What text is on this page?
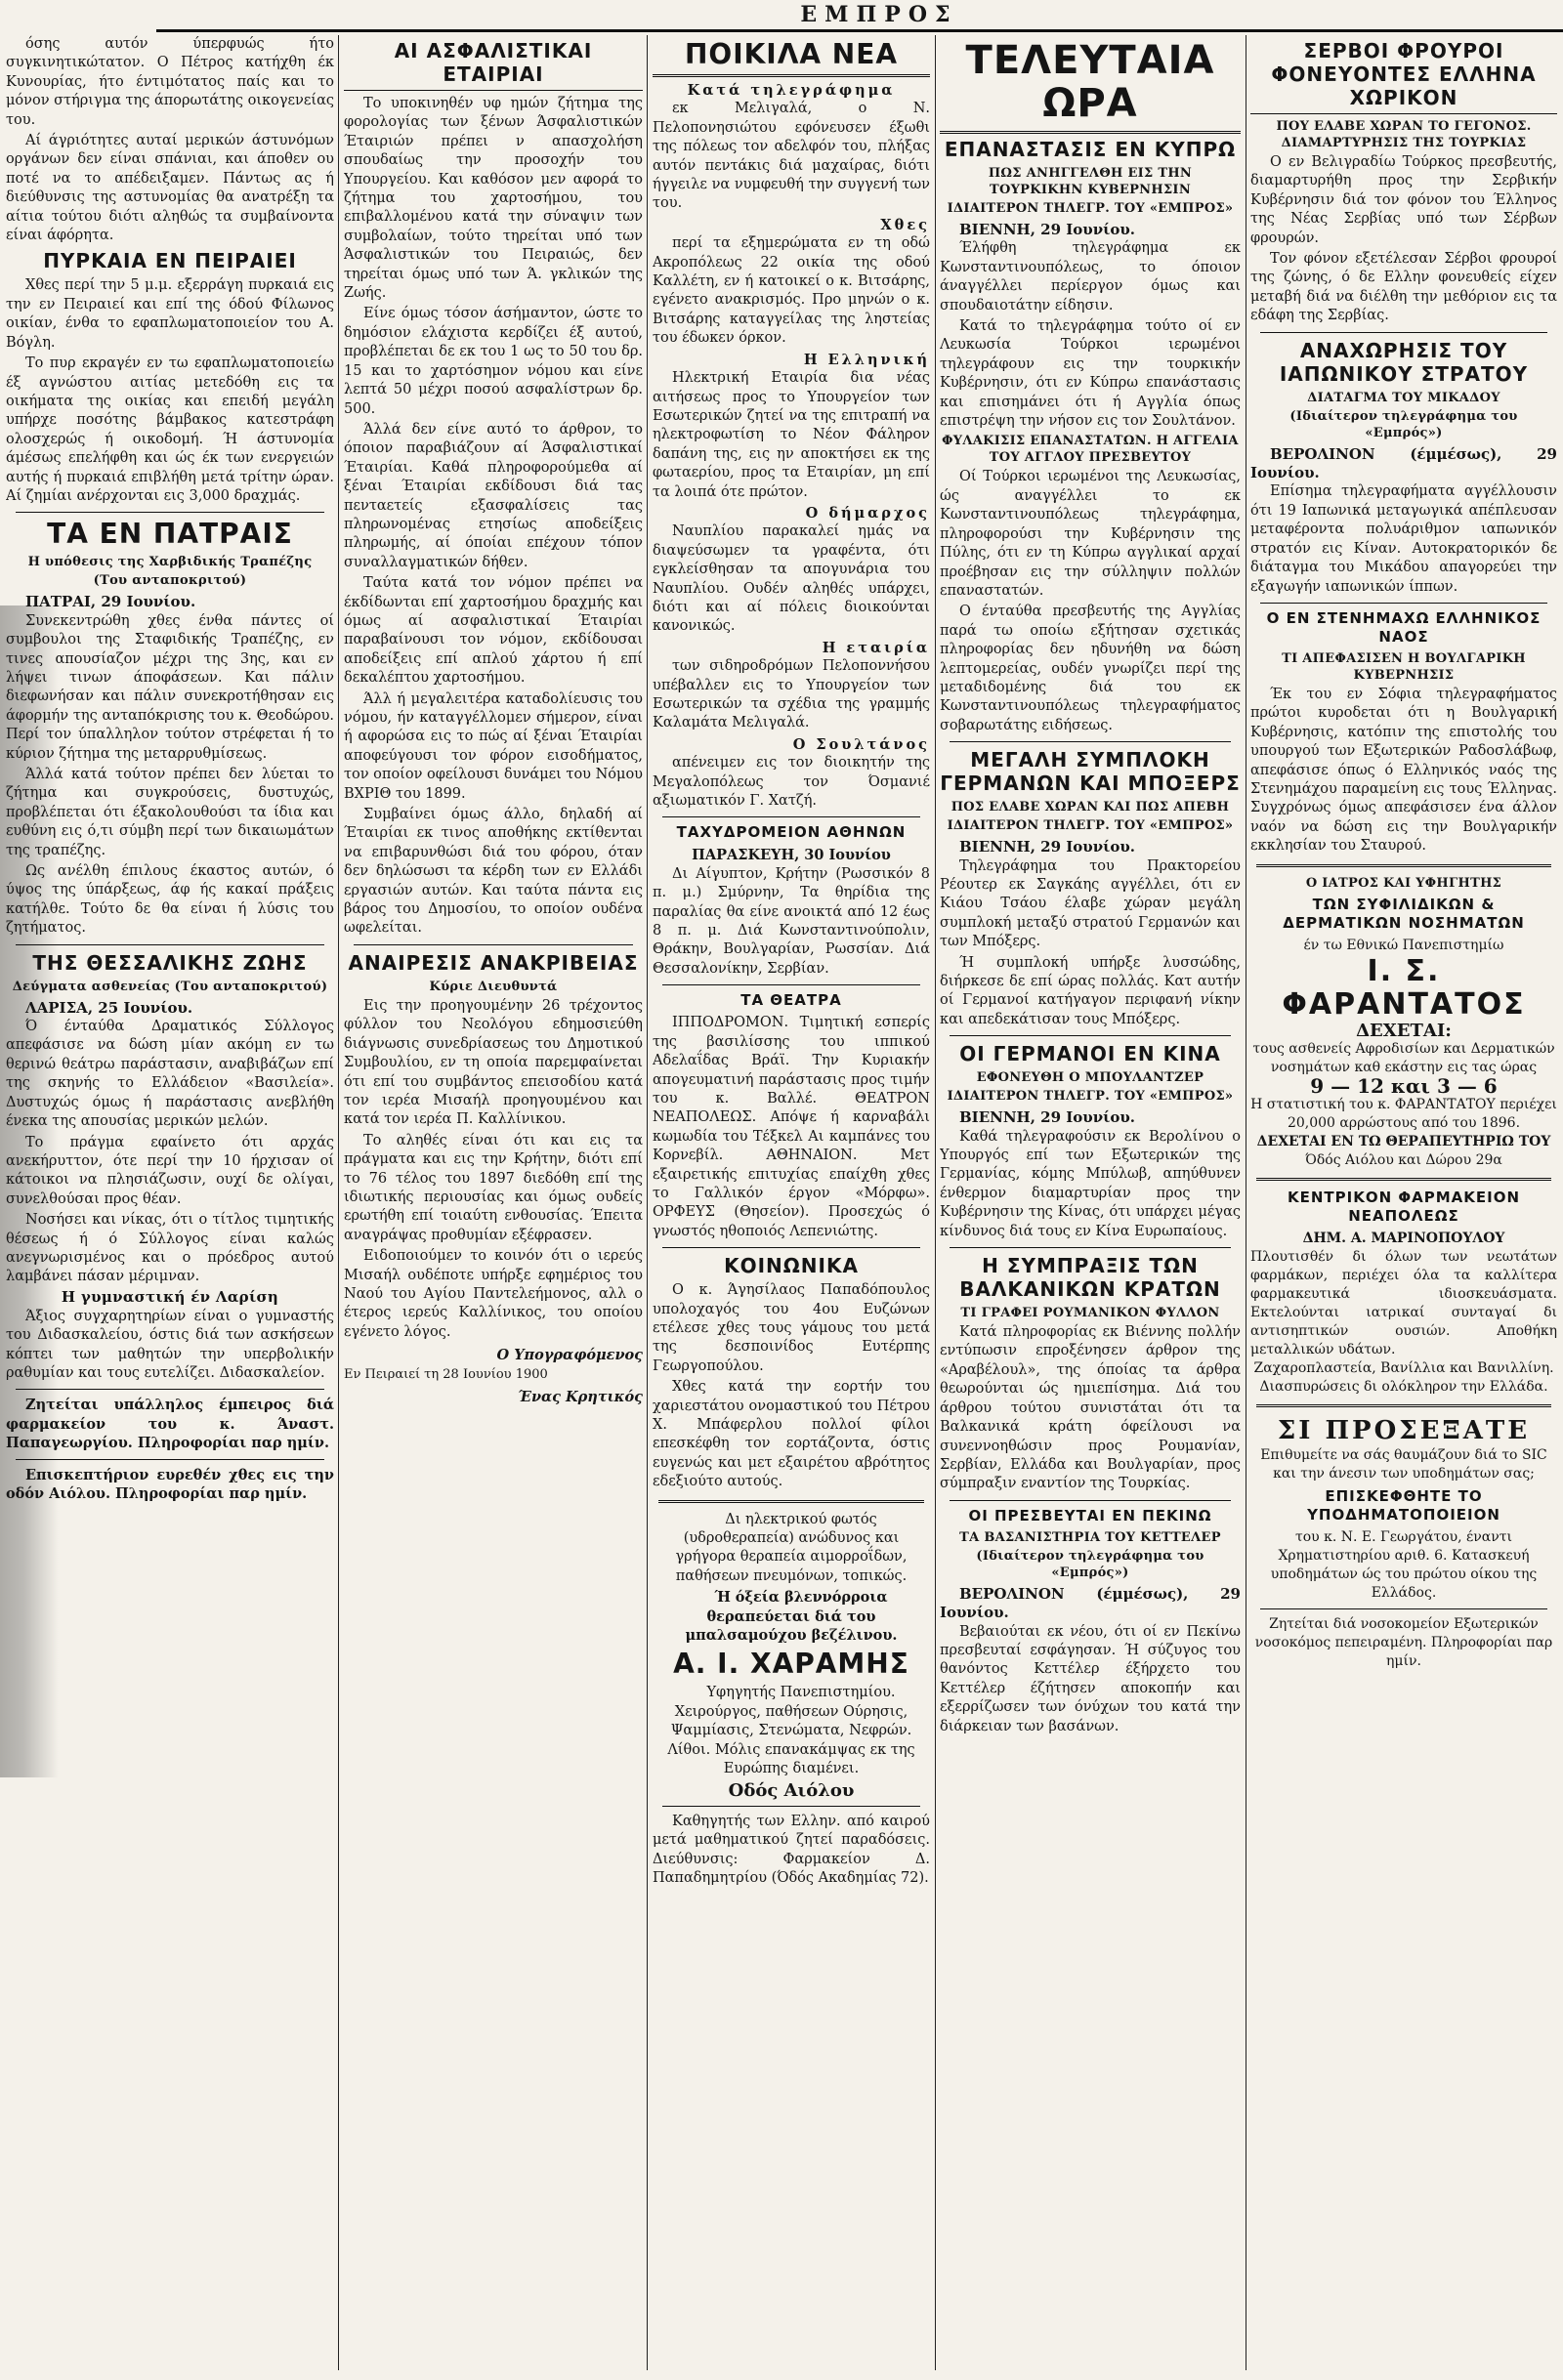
ΕΜΠΡΟΣ

όσης αυτόν ύπερφυώς ήτο συγκινητικώτατον. Ο Πέτρος κατήχθη έκ Κυνουρίας, ήτο έντιμότατος παίς και το μόνον στήριγμα της άπορωτάτης οικογενείας του.

Αί άγριότητες αυταί μερικών άστυνόμων οργάνων δεν είναι σπάνιαι, και άποθεν ου ποτέ να το απέδειξαμεν. Πάντως ας ή διεύθυνσις της αστυνομίας θα ανατρέξη τα αίτια τούτου διότι αληθώς τα συμβαίνοντα είναι άφόρητα.

ΠΥΡΚΑΙΑ ΕΝ ΠΕΙΡΑΙΕΙ

Χθες περί την 5 μ.μ. εξερράγη πυρκαιά εις την εν Πειραιεί και επί της όδού Φίλωνος οικίαν, ένθα το εφαπλωματοποιείον του Α. Βόγλη.

Το πυρ εκραγέν εν τω εφαπλωματοποιείω έξ αγνώστου αιτίας μετεδόθη εις τα οικήματα της οικίας και επειδή μεγάλη υπήρχε ποσότης βάμβακος κατεστράφη ολοσχερώς ή οικοδομή. Ή άστυνομία άμέσως επελήφθη και ώς έκ των ενεργειών αυτής ή πυρκαιά επιβλήθη μετά τρίτην ώραν. Αί ζημίαι ανέρχονται εις 3,000 δραχμάς.

ΤΑ ΕΝ ΠΑΤΡΑΙΣ
Η υπόθεσις της Χαρβιδικής Τραπέζης
(Του ανταποκριτού)
ΠΑΤΡΑΙ, 29 Ιουνίου.

Συνεκεντρώθη χθες ένθα πάντες οί συμβουλοι της Σταφιδικής Τραπέζης, εν τινες απουσίαζον μέχρι της 3ης, και εν λήψει τινων άποφάσεων. Και πάλιν διεφωνήσαν και πάλιν συνεκροτήθησαν εις άφορμήν της ανταπόκρισης του κ. Θεοδώρου. Περί τον ύπαλληλον τούτον στρέφεται ή το κύριον ζήτημα της μεταρρυθμίσεως.

Άλλά κατά τούτον πρέπει δεν λύεται το ζήτημα και συγκρούσεις, δυστυχώς, προβλέπεται ότι έξακολουθούσι τα ίδια και ευθύνη εις ό,τι σύμβη περί των δικαιωμάτων της τραπέζης.

Ως ανέλθη έπιλους έκαστος αυτών, ό ύψος της ύπάρξεως, άφ ής κακαί πράξεις κατήλθε. Τούτο δε θα είναι ή λύσις του ζητήματος.

ΤΗΣ ΘΕΣΣΑΛΙΚΗΣ ΖΩΗΣ
Δεύγματα ασθενείας (Του ανταποκριτού)
ΛΑΡΙΣΑ, 25 Ιουνίου.

Ό ένταύθα Δραματικός Σύλλογος απεφάσισε να δώση μίαν ακόμη εν τω θερινώ θεάτρω παράστασιν, αναβιβάζων επί της σκηνής το Ελλάδειον «Βασιλεία». Δυστυχώς όμως ή παράστασις ανεβλήθη ένεκα της απουσίας μερικών μελών.

Το πράγμα εφαίνετο ότι αρχάς ανεκήρυττον, ότε περί την 10 ήρχισαν οί κάτοικοι να πλησιάζωσιν, ουχί δε ολίγαι, συνελθούσαι προς θέαν.

Νοσήσει και νίκας, ότι ο τίτλος τιμητικής θέσεως ή ό Σύλλογος είναι καλώς ανεγνωρισμένος και ο πρόεδρος αυτού λαμβάνει πάσαν μέριμναν.

Η γυμναστική έν Λαρίση

Άξιος συγχαρητηρίων είναι ο γυμναστής του Διδασκαλείου, όστις διά των ασκήσεων κόπτει των μαθητών την υπερβολικήν ραθυμίαν και τους ευτελίζει. Διδασκαλείον.

Ζητείται υπάλληλος έμπειρος διά φαρμακείον του κ. Άναστ. Παπαγεωργίου. Πληροφορίαι παρ ημίν.

Επισκεπτήριον ευρεθέν χθες εις την οδόν Αιόλου. Πληροφορίαι παρ ημίν.

ΑΙ ΑΣΦΑΛΙΣΤΙΚΑΙ ΕΤΑΙΡΙΑΙ

Το υποκινηθέν υφ ημών ζήτημα της φορολογίας των ξένων Άσφαλιστικών Έταιριών πρέπει ν απασχολήση σπουδαίως την προσοχήν του Υπουργείου. Και καθόσον μεν αφορά το ζήτημα του χαρτοσήμου, του επιβαλλομένου κατά την σύναψιν των συμβολαίων, τούτο τηρείται υπό των Άσφαλιστικών του Πειραιώς, δεν τηρείται όμως υπό των Ά. γκλικών της Ζωής.

Είνε όμως τόσον άσήμαντον, ώστε το δημόσιον ελάχιστα κερδίζει έξ αυτού, προβλέπεται δε εκ του 1 ως το 50 του δρ. 15 και το χαρτόσημον νόμου και είνε λεπτά 50 μέχρι ποσού ασφαλίστρων δρ. 500.

Άλλά δεν είνε αυτό το άρθρον, το όποιον παραβιάζουν αί Άσφαλιστικαί Έταιρίαι. Καθά πληροφορούμεθα αί ξέναι Έταιρίαι εκδίδουσι διά τας πενταετείς εξασφαλίσεις τας πληρωνομένας ετησίως αποδείξεις πληρωμής, αί όποίαι επέχουν τόπον συναλλαγματικών δήθεν.

Ταύτα κατά τον νόμον πρέπει να έκδίδωνται επί χαρτοσήμου δραχμής και όμως αί ασφαλιστικαί Έταιρίαι παραβαίνουσι τον νόμον, εκδίδουσαι αποδείξεις επί απλού χάρτου ή επί δεκαλέπτου χαρτοσήμου.

Άλλ ή μεγαλειτέρα καταδολίευσις του νόμου, ήν καταγγέλλομεν σήμερον, είναι ή αφορώσα εις το πώς αί ξέναι Έταιρίαι αποφεύγουσι τον φόρον εισοδήματος, τον οποίον οφείλουσι δυνάμει του Νόμου ΒΧΡΙΘ του 1899.

Συμβαίνει όμως άλλο, δηλαδή αί Έταιρίαι εκ τινος αποθήκης εκτίθενται να επιβαρυνθώσι διά του φόρου, όταν δεν δηλώσωσι τα κέρδη των εν Ελλάδι εργασιών αυτών. Και ταύτα πάντα εις βάρος του Δημοσίου, το οποίον ουδένα ωφελείται.

ΑΝΑΙΡΕΣΙΣ ΑΝΑΚΡΙΒΕΙΑΣ
Κύριε Διευθυντά

Εις την προηγουμένην 26 τρέχοντος φύλλον του Νεολόγου εδημοσιεύθη διάγνωσις συνεδρίασεως του Δημοτικού Συμβουλίου, εν τη οποία παρεμφαίνεται ότι επί του συμβάντος επεισοδίου κατά τον ιερέα Μισαήλ προηγουμένου και κατά τον ιερέα Π. Καλλίνικου.

Το αληθές είναι ότι και εις τα πράγματα και εις την Κρήτην, διότι επί το 76 τέλος του 1897 διεδόθη επί της ιδιωτικής περιουσίας και όμως ουδείς ερωτήθη επί τοιαύτη ενθουσίας. Έπειτα αναγράψας προθυμίαν εξέφρασεν.

Ειδοποιούμεν το κοινόν ότι ο ιερεύς Μισαήλ ουδέποτε υπήρξε εφημέριος του Ναού του Αγίου Παντελεήμονος, αλλ ο έτερος ιερεύς Καλλίνικος, του οποίου εγένετο λόγος.

Ο Υπογραφόμενος
Εν Πειραιεί τη 28 Ιουνίου 1900
Ένας Κρητικός
ΠΟΙΚΙΛΑ ΝΕΑ
Κατά τηλεγράφημα

εκ Μελιγαλά, ο Ν. Πελοπονησιώτου εφόνευσεν έξωθι της πόλεως τον αδελφόν του, πλήξας αυτόν πεντάκις διά μαχαίρας, διότι ήγγειλε να νυμφευθή την συγγενή των του.

Χθες

περί τα εξημερώματα εν τη οδώ Ακροπόλεως 22 οικία της οδού Καλλέτη, εν ή κατοικεί ο κ. Βιτσάρης, εγένετο ανακρισμός. Προ μηνών ο κ. Βιτσάρης καταγγείλας της ληστείας του έδωκεν όρκον.

Η Ελληνική

Ηλεκτρική Εταιρία δια νέας αιτήσεως προς το Υπουργείον των Εσωτερικών ζητεί να της επιτραπή να ηλεκτροφωτίση το Νέον Φάληρον δαπάνη της, εις ην αποκτήσει εκ της φωταερίου, προς τα Εταιρίαν, μη επί τα λοιπά ότε πρώτον.

Ο δήμαρχος

Ναυπλίου παρακαλεί ημάς να διαψεύσωμεν τα γραφέντα, ότι εγκλείσθησαν τα απογυνάρια του Ναυπλίου. Ουδέν αληθές υπάρχει, διότι και αί πόλεις διοικούνται κανονικώς.

Η εταιρία

των σιδηροδρόμων Πελοποννήσου υπέβαλλεν εις το Υπουργείον των Εσωτερικών τα σχέδια της γραμμής Καλαμάτα Μελιγαλά.

Ο Σουλτάνος

απένειμεν εις τον διοικητήν της Μεγαλοπόλεως τον Όσμανιέ αξιωματικόν Γ. Χατζή.

ΤΑΧΥΔΡΟΜΕΙΟΝ ΑΘΗΝΩΝ
ΠΑΡΑΣΚΕΥΗ, 30 Ιουνίου

Δι Αίγυπτον, Κρήτην (Ρωσσικόν 8 π. μ.) Σμύρνην, Τα θηρίδια της παραλίας θα είνε ανοικτά από 12 έως 8 π. μ. Διά Κωνσταντινούπολιν, Θράκην, Βουλγαρίαν, Ρωσσίαν. Διά Θεσσαλονίκην, Σερβίαν.

ΤΑ ΘΕΑΤΡΑ

ΙΠΠΟΔΡΟΜΟΝ. Τιμητική εσπερίς της βασιλίσσης του ιππικού Αδελαΐδας Βράϊ. Την Κυριακήν απογευματινή παράστασις προς τιμήν του κ. Βαλλέ. ΘΕΑΤΡΟΝ ΝΕΑΠΟΛΕΩΣ. Απόψε ή καρναβάλι κωμωδία του Τέξκελ Αι καμπάνες του Κορνεβίλ. ΑΘΗΝΑΙΟΝ. Μετ εξαιρετικής επιτυχίας επαίχθη χθες το Γαλλικόν έργον «Μόρφω». ΟΡΦΕΥΣ (Θησείον). Προσεχώς ό γνωστός ηθοποιός Λεπενιώτης.

ΚΟΙΝΩΝΙΚΑ

Ο κ. Άγησίλαος Παπαδόπουλος υπολοχαγός του 4ου Ευζώνων ετέλεσε χθες τους γάμους του μετά της δεσποινίδος Ευτέρπης Γεωργοπούλου.

Χθες κατά την εορτήν του χαριεστάτου ονομαστικού του Πέτρου Χ. Μπάφερλου πολλοί φίλοι επεσκέφθη τον εορτάζοντα, όστις ευγενώς και μετ εξαιρέτου αβρότητος εδεξιούτο αυτούς.

Δι ηλεκτρικού φωτός (υδροθεραπεία) ανώδυνος και γρήγορα θεραπεία αιμορροΐδων, παθήσεων πνευμόνων, τοπικώς.

Ή όξεία βλεννόρροια θεραπεύεται διά του μπαλσαμούχου βεζέλινου.

Α. Ι. ΧΑΡΑΜΗΣ

Υφηγητής Πανεπιστημίου. Χειρούργος, παθήσεων Ούρησις, Ψαμμίασις, Στενώματα, Νεφρών. Λίθοι. Μόλις επανακάμψας εκ της Ευρώπης διαμένει.

Οδός Αιόλου

Καθηγητής των Ελλην. από καιρού μετά μαθηματικού ζητεί παραδόσεις. Διεύθυνσις: Φαρμακείον Δ. Παπαδημητρίου (Όδός Ακαδημίας 72).

ΤΕΛΕΥΤΑΙΑ ΩΡΑ
ΕΠΑΝΑΣΤΑΣΙΣ ΕΝ ΚΥΠΡΩ
ΠΩΣ ΑΝΗΓΓΕΛΘΗ ΕΙΣ ΤΗΝ ΤΟΥΡΚΙΚΗΝ ΚΥΒΕΡΝΗΣΙΝ
ΙΔΙΑΙΤΕΡΟΝ ΤΗΛΕΓΡ. ΤΟΥ «ΕΜΠΡΟΣ»
ΒΙΕΝΝΗ, 29 Ιουνίου.

Έλήφθη τηλεγράφημα εκ Κωνσταντινουπόλεως, το όποιον άναγγέλλει περίεργον όμως και σπουδαιοτάτην είδησιν.

Κατά το τηλεγράφημα τούτο οί εν Λευκωσία Τούρκοι ιερωμένοι τηλεγράφουν εις την τουρκικήν Κυβέρνησιν, ότι εν Κύπρω επανάστασις και επισημάνει ότι ή Αγγλία όπως επιστρέψη την νήσον εις τον Σουλτάνον.

ΦΥΛΑΚΙΣΙΣ ΕΠΑΝΑΣΤΑΤΩΝ. Η ΑΓΓΕΛΙΑ ΤΟΥ ΑΓΓΛΟΥ ΠΡΕΣΒΕΥΤΟΥ

Οί Τούρκοι ιερωμένοι της Λευκωσίας, ώς αναγγέλλει το εκ Κωνσταντινουπόλεως τηλεγράφημα, πληροφορούσι την Κυβέρνησιν της Πύλης, ότι εν τη Κύπρω αγγλικαί αρχαί προέβησαν εις την σύλληψιν πολλών επαναστατών.

Ο ένταύθα πρεσβευτής της Αγγλίας παρά τω οποίω εξήτησαν σχετικάς πληροφορίας δεν ηδυνήθη να δώση λεπτομερείας, ουδέν γνωρίζει περί της μεταδιδομένης διά του εκ Κωνσταντινουπόλεως τηλεγραφήματος σοβαρωτάτης ειδήσεως.

ΜΕΓΑΛΗ ΣΥΜΠΛΟΚΗ ΓΕΡΜΑΝΩΝ ΚΑΙ ΜΠΟΞΕΡΣ
ΠΟΣ ΕΛΑΒΕ ΧΩΡΑΝ ΚΑΙ ΠΩΣ ΑΠΕΒΗ
ΙΔΙΑΙΤΕΡΟΝ ΤΗΛΕΓΡ. ΤΟΥ «ΕΜΠΡΟΣ»
ΒΙΕΝΝΗ, 29 Ιουνίου.

Τηλεγράφημα του Πρακτορείου Ρέουτερ εκ Σαγκάης αγγέλλει, ότι εν Κιάου Τσάου έλαβε χώραν μεγάλη συμπλοκή μεταξύ στρατού Γερμανών και των Μπόξερς.

Ή συμπλοκή υπήρξε λυσσώδης, διήρκεσε δε επί ώρας πολλάς. Κατ αυτήν οί Γερμανοί κατήγαγον περιφανή νίκην και απεδεκάτισαν τους Μπόξερς.

ΟΙ ΓΕΡΜΑΝΟΙ ΕΝ ΚΙΝΑ
ΕΦΟΝΕΥΘΗ Ο ΜΠΟΥΛΑΝΤΖΕΡ
ΙΔΙΑΙΤΕΡΟΝ ΤΗΛΕΓΡ. ΤΟΥ «ΕΜΠΡΟΣ»
ΒΙΕΝΝΗ, 29 Ιουνίου.

Καθά τηλεγραφούσιν εκ Βερολίνου ο Υπουργός επί των Εξωτερικών της Γερμανίας, κόμης Μπύλωβ, απηύθυνεν ένθερμον διαμαρτυρίαν προς την Κυβέρνησιν της Κίνας, ότι υπάρχει μέγας κίνδυνος διά τους εν Κίνα Ευρωπαίους.

Η ΣΥΜΠΡΑΞΙΣ ΤΩΝ ΒΑΛΚΑΝΙΚΩΝ ΚΡΑΤΩΝ
ΤΙ ΓΡΑΦΕΙ ΡΟΥΜΑΝΙΚΟΝ ΦΥΛΛΟΝ

Κατά πληροφορίας εκ Βιέννης πολλήν εντύπωσιν επροξένησεν άρθρον της «Αραβέλουλ», της όποίας τα άρθρα θεωρούνται ώς ημιεπίσημα. Διά του άρθρου τούτου συνιστάται ότι τα Βαλκανικά κράτη όφείλουσι να συνεννοηθώσιν προς Ρουμανίαν, Σερβίαν, Ελλάδα και Βουλγαρίαν, προς σύμπραξιν εναντίον της Τουρκίας.

ΟΙ ΠΡΕΣΒΕΥΤΑΙ ΕΝ ΠΕΚΙΝΩ
ΤΑ ΒΑΣΑΝΙΣΤΗΡΙΑ ΤΟΥ ΚΕΤΤΕΛΕΡ
(Ιδιαίτερον τηλεγράφημα του «Εμπρός»)
ΒΕΡΟΛΙΝΟΝ (έμμέσως), 29 Ιουνίου.

Βεβαιούται εκ νέου, ότι οί εν Πεκίνω πρεσβευταί εσφάγησαν. Ή σύζυγος του θανόντος Κεττέλερ έξήρχετο του Κεττέλερ έζήτησεν αποκοπήν και εξερρίζωσεν των όνύχων του κατά την διάρκειαν των βασάνων.

ΣΕΡΒΟΙ ΦΡΟΥΡΟΙ ΦΟΝΕΥΟΝΤΕΣ ΕΛΛΗΝΑ ΧΩΡΙΚΟΝ
ΠΟΥ ΕΛΑΒΕ ΧΩΡΑΝ ΤΟ ΓΕΓΟΝΟΣ. ΔΙΑΜΑΡΤΥΡΗΣΙΣ ΤΗΣ ΤΟΥΡΚΙΑΣ

Ο εν Βελιγραδίω Τούρκος πρεσβευτής, διαμαρτυρήθη προς την Σερβικήν Κυβέρνησιν διά τον φόνον του Έλληνος της Νέας Σερβίας υπό των Σέρβων φρουρών.

Τον φόνον εξετέλεσαν Σέρβοι φρουροί της ζώνης, ό δε Ελλην φονευθείς είχεν μεταβή διά να διέλθη την μεθόριον εις τα εδάφη της Σερβίας.

ΑΝΑΧΩΡΗΣΙΣ ΤΟΥ ΙΑΠΩΝΙΚΟΥ ΣΤΡΑΤΟΥ
ΔΙΑΤΑΓΜΑ ΤΟΥ ΜΙΚΑΔΟΥ
(Ιδιαίτερον τηλεγράφημα του «Εμπρός»)
ΒΕΡΟΛΙΝΟΝ (έμμέσως), 29 Ιουνίου.

Επίσημα τηλεγραφήματα αγγέλλουσιν ότι 19 Ιαπωνικά μεταγωγικά απέπλευσαν μεταφέροντα πολυάριθμον ιαπωνικόν στρατόν εις Κίναν. Αυτοκρατορικόν δε διάταγμα του Μικάδου απαγορεύει την εξαγωγήν ιαπωνικών ίππων.

Ο ΕΝ ΣΤΕΝΗΜΑΧΩ ΕΛΛΗΝΙΚΟΣ ΝΑΟΣ
ΤΙ ΑΠΕΦΑΣΙΣΕΝ Η ΒΟΥΛΓΑΡΙΚΗ ΚΥΒΕΡΝΗΣΙΣ

Έκ του εν Σόφια τηλεγραφήματος πρώτοι κυροδεται ότι η Βουλγαρική Κυβέρνησις, κατόπιν της επιστολής του υπουργού των Εξωτερικών Ραδοσλάβωφ, απεφάσισε όπως ό Ελληνικός ναός της Στενημάχου παραμείνη εις τους Έλληνας. Συγχρόνως όμως απεφάσισεν ένα άλλον ναόν να δώση εις την Βουλγαρικήν εκκλησίαν του Σταυρού.

Ο ΙΑΤΡΟΣ ΚΑΙ ΥΦΗΓΗΤΗΣ
ΤΩΝ ΣΥΦΙΛΙΔΙΚΩΝ & ΔΕΡΜΑΤΙΚΩΝ ΝΟΣΗΜΑΤΩΝ
έν τω Εθνικώ Πανεπιστημίω
Ι. Σ. ΦΑΡΑΝΤΑΤΟΣ
ΔΕΧΕΤΑΙ:
τους ασθενείς Αφροδισίων και Δερματικών νοσημάτων καθ εκάστην εις τας ώρας
9 — 12 και 3 — 6
Η στατιστική του κ. ΦΑΡΑΝΤΑΤΟΥ περιέχει 20,000 αρρώστους από του 1896.
ΔΕΧΕΤΑΙ ΕΝ ΤΩ ΘΕΡΑΠΕΥΤΗΡΙΩ ΤΟΥ
Όδός Αιόλου και Δώρου 29α
ΚΕΝΤΡΙΚΟΝ ΦΑΡΜΑΚΕΙΟΝ ΝΕΑΠΟΛΕΩΣ
ΔΗΜ. Α. ΜΑΡΙΝΟΠΟΥΛΟΥ
Πλουτισθέν δι όλων των νεωτάτων φαρμάκων, περιέχει όλα τα καλλίτερα φαρμακευτικά ιδιοσκευάσματα. Εκτελούνται ιατρικαί συνταγαί δι αντισηπτικών ουσιών. Αποθήκη μεταλλικών υδάτων.
Ζαχαροπλαστεία, Βανίλλια και Βανιλλίνη. Διασπυρώσεις δι ολόκληρον την Ελλάδα.
ΣΙ ΠΡΟΣΕΞΑΤΕ
Επιθυμείτε να σάς θαυμάζουν διά το SIC και την άνεσιν των υποδημάτων σας;
ΕΠΙΣΚΕΦΘΗΤΕ ΤΟ ΥΠΟΔΗΜΑΤΟΠΟΙΕΙΟΝ
του κ. Ν. Ε. Γεωργάτου, έναντι Χρηματιστηρίου αριθ. 6. Κατασκευή υποδημάτων ώς του πρώτου οίκου της Ελλάδος.
Ζητείται διά νοσοκομείον Εξωτερικών νοσοκόμος πεπειραμένη. Πληροφορίαι παρ ημίν.
